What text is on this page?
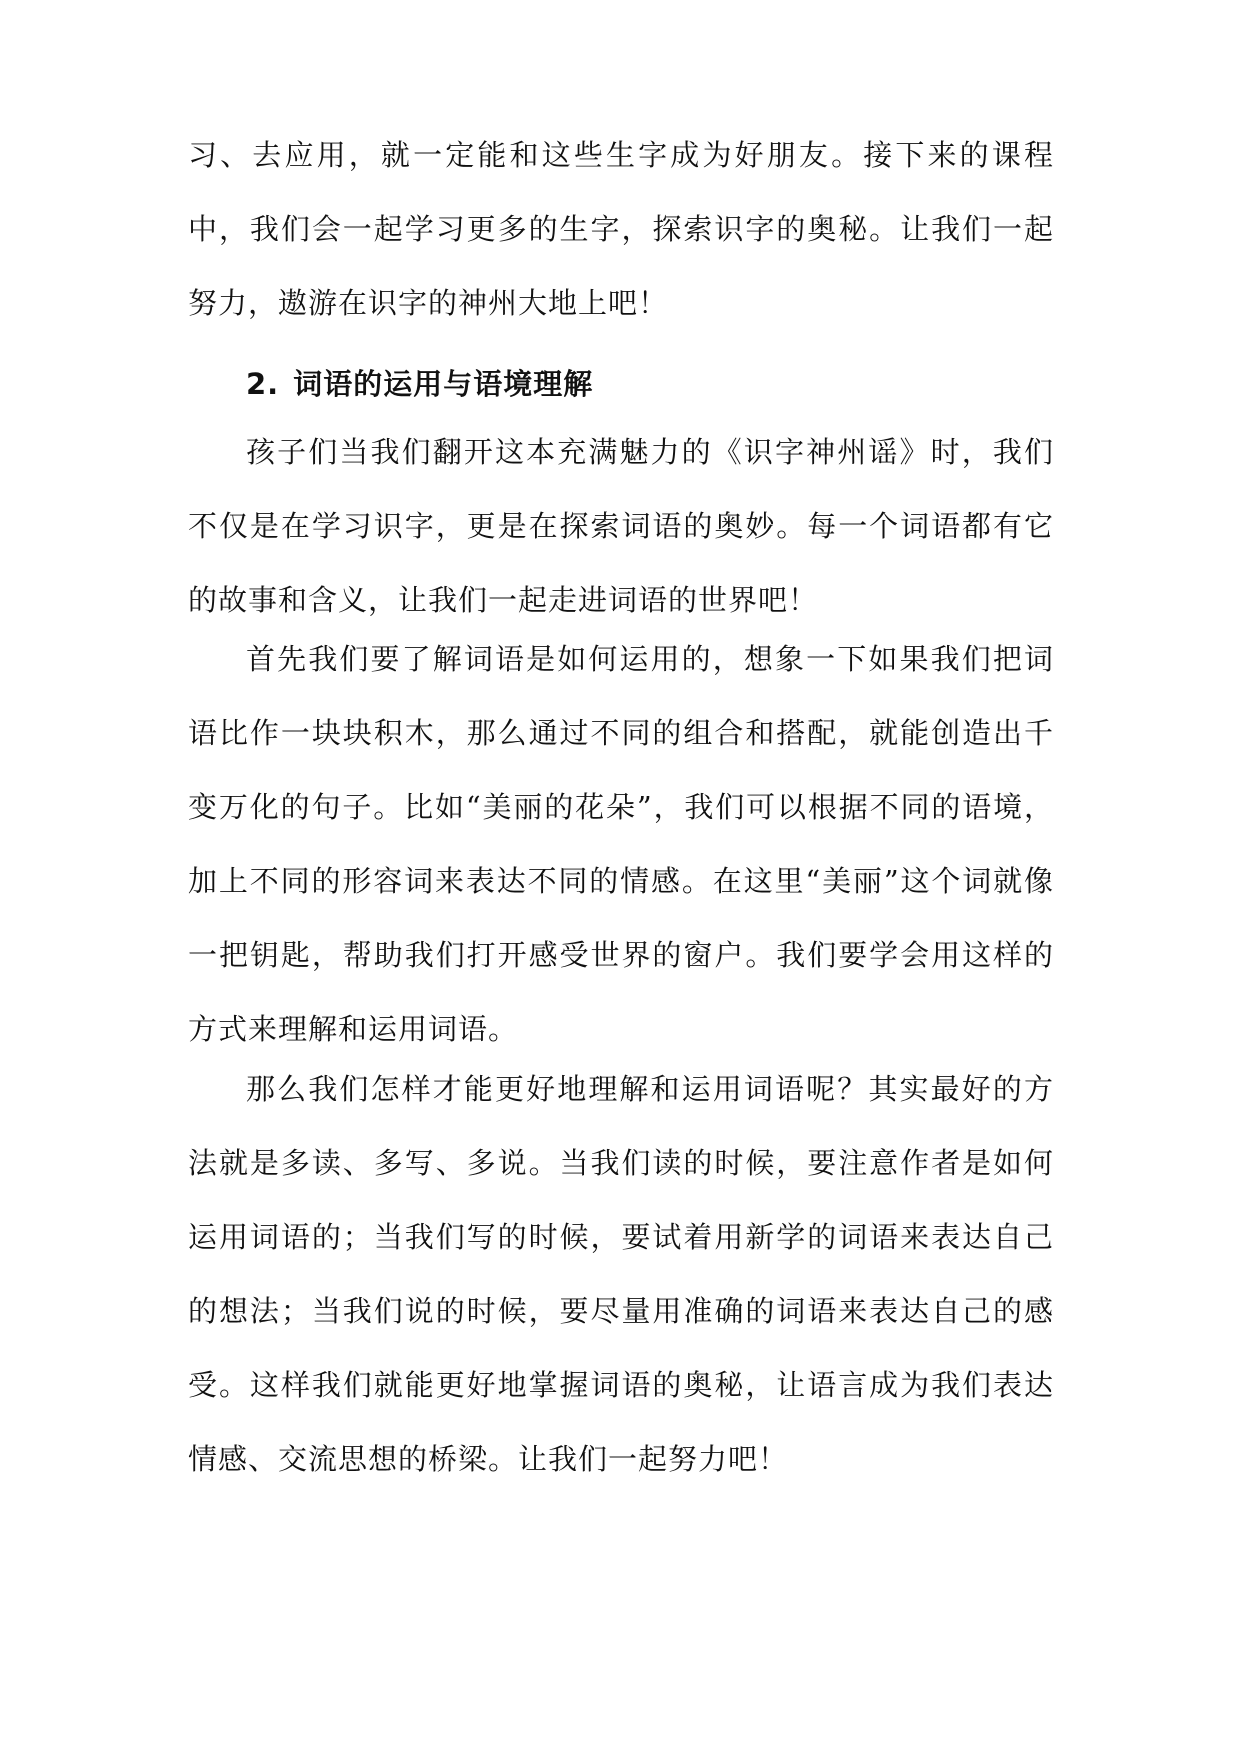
习、去应用，就一定能和这些生字成为好朋友。接下来的课程中，我们会一起学习更多的生字，探索识字的奥秘。让我们一起努力，遨游在识字的神州大地上吧！

2. 词语的运用与语境理解

孩子们当我们翻开这本充满魅力的《识字神州谣》时，我们不仅是在学习识字，更是在探索词语的奥妙。每一个词语都有它的故事和含义，让我们一起走进词语的世界吧！

首先我们要了解词语是如何运用的，想象一下如果我们把词语比作一块块积木，那么通过不同的组合和搭配，就能创造出千变万化的句子。比如“美丽的花朵”，我们可以根据不同的语境，加上不同的形容词来表达不同的情感。在这里“美丽”这个词就像一把钥匙，帮助我们打开感受世界的窗户。我们要学会用这样的方式来理解和运用词语。

那么我们怎样才能更好地理解和运用词语呢？其实最好的方法就是多读、多写、多说。当我们读的时候，要注意作者是如何运用词语的；当我们写的时候，要试着用新学的词语来表达自己的想法；当我们说的时候，要尽量用准确的词语来表达自己的感受。这样我们就能更好地掌握词语的奥秘，让语言成为我们表达情感、交流思想的桥梁。让我们一起努力吧！
